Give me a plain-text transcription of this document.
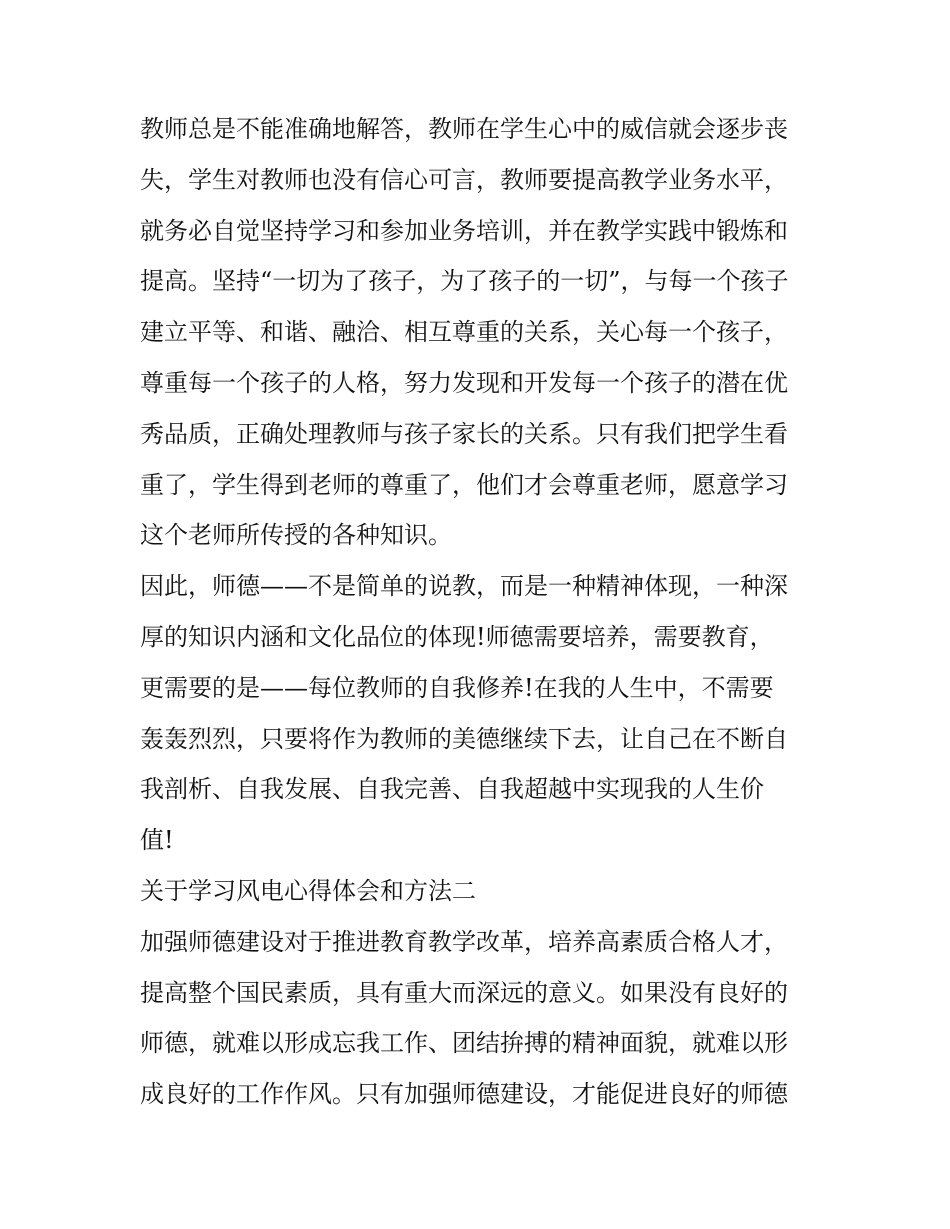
教师总是不能准确地解答，教师在学生心中的威信就会逐步丧
失，学生对教师也没有信心可言，教师要提高教学业务水平，
就务必自觉坚持学习和参加业务培训，并在教学实践中锻炼和
提高。坚持“一切为了孩子，为了孩子的一切”，与每一个孩子
建立平等、和谐、融洽、相互尊重的关系，关心每一个孩子，
尊重每一个孩子的人格，努力发现和开发每一个孩子的潜在优
秀品质，正确处理教师与孩子家长的关系。只有我们把学生看
重了，学生得到老师的尊重了，他们才会尊重老师，愿意学习
这个老师所传授的各种知识。
因此，师德——不是简单的说教，而是一种精神体现，一种深
厚的知识内涵和文化品位的体现!师德需要培养，需要教育，
更需要的是——每位教师的自我修养!在我的人生中，不需要
轰轰烈烈，只要将作为教师的美德继续下去，让自己在不断自
我剖析、自我发展、自我完善、自我超越中实现我的人生价
值!
关于学习风电心得体会和方法二
加强师德建设对于推进教育教学改革，培养高素质合格人才，
提高整个国民素质，具有重大而深远的意义。如果没有良好的
师德，就难以形成忘我工作、团结拚搏的精神面貌，就难以形
成良好的工作作风。只有加强师德建设，才能促进良好的师德
